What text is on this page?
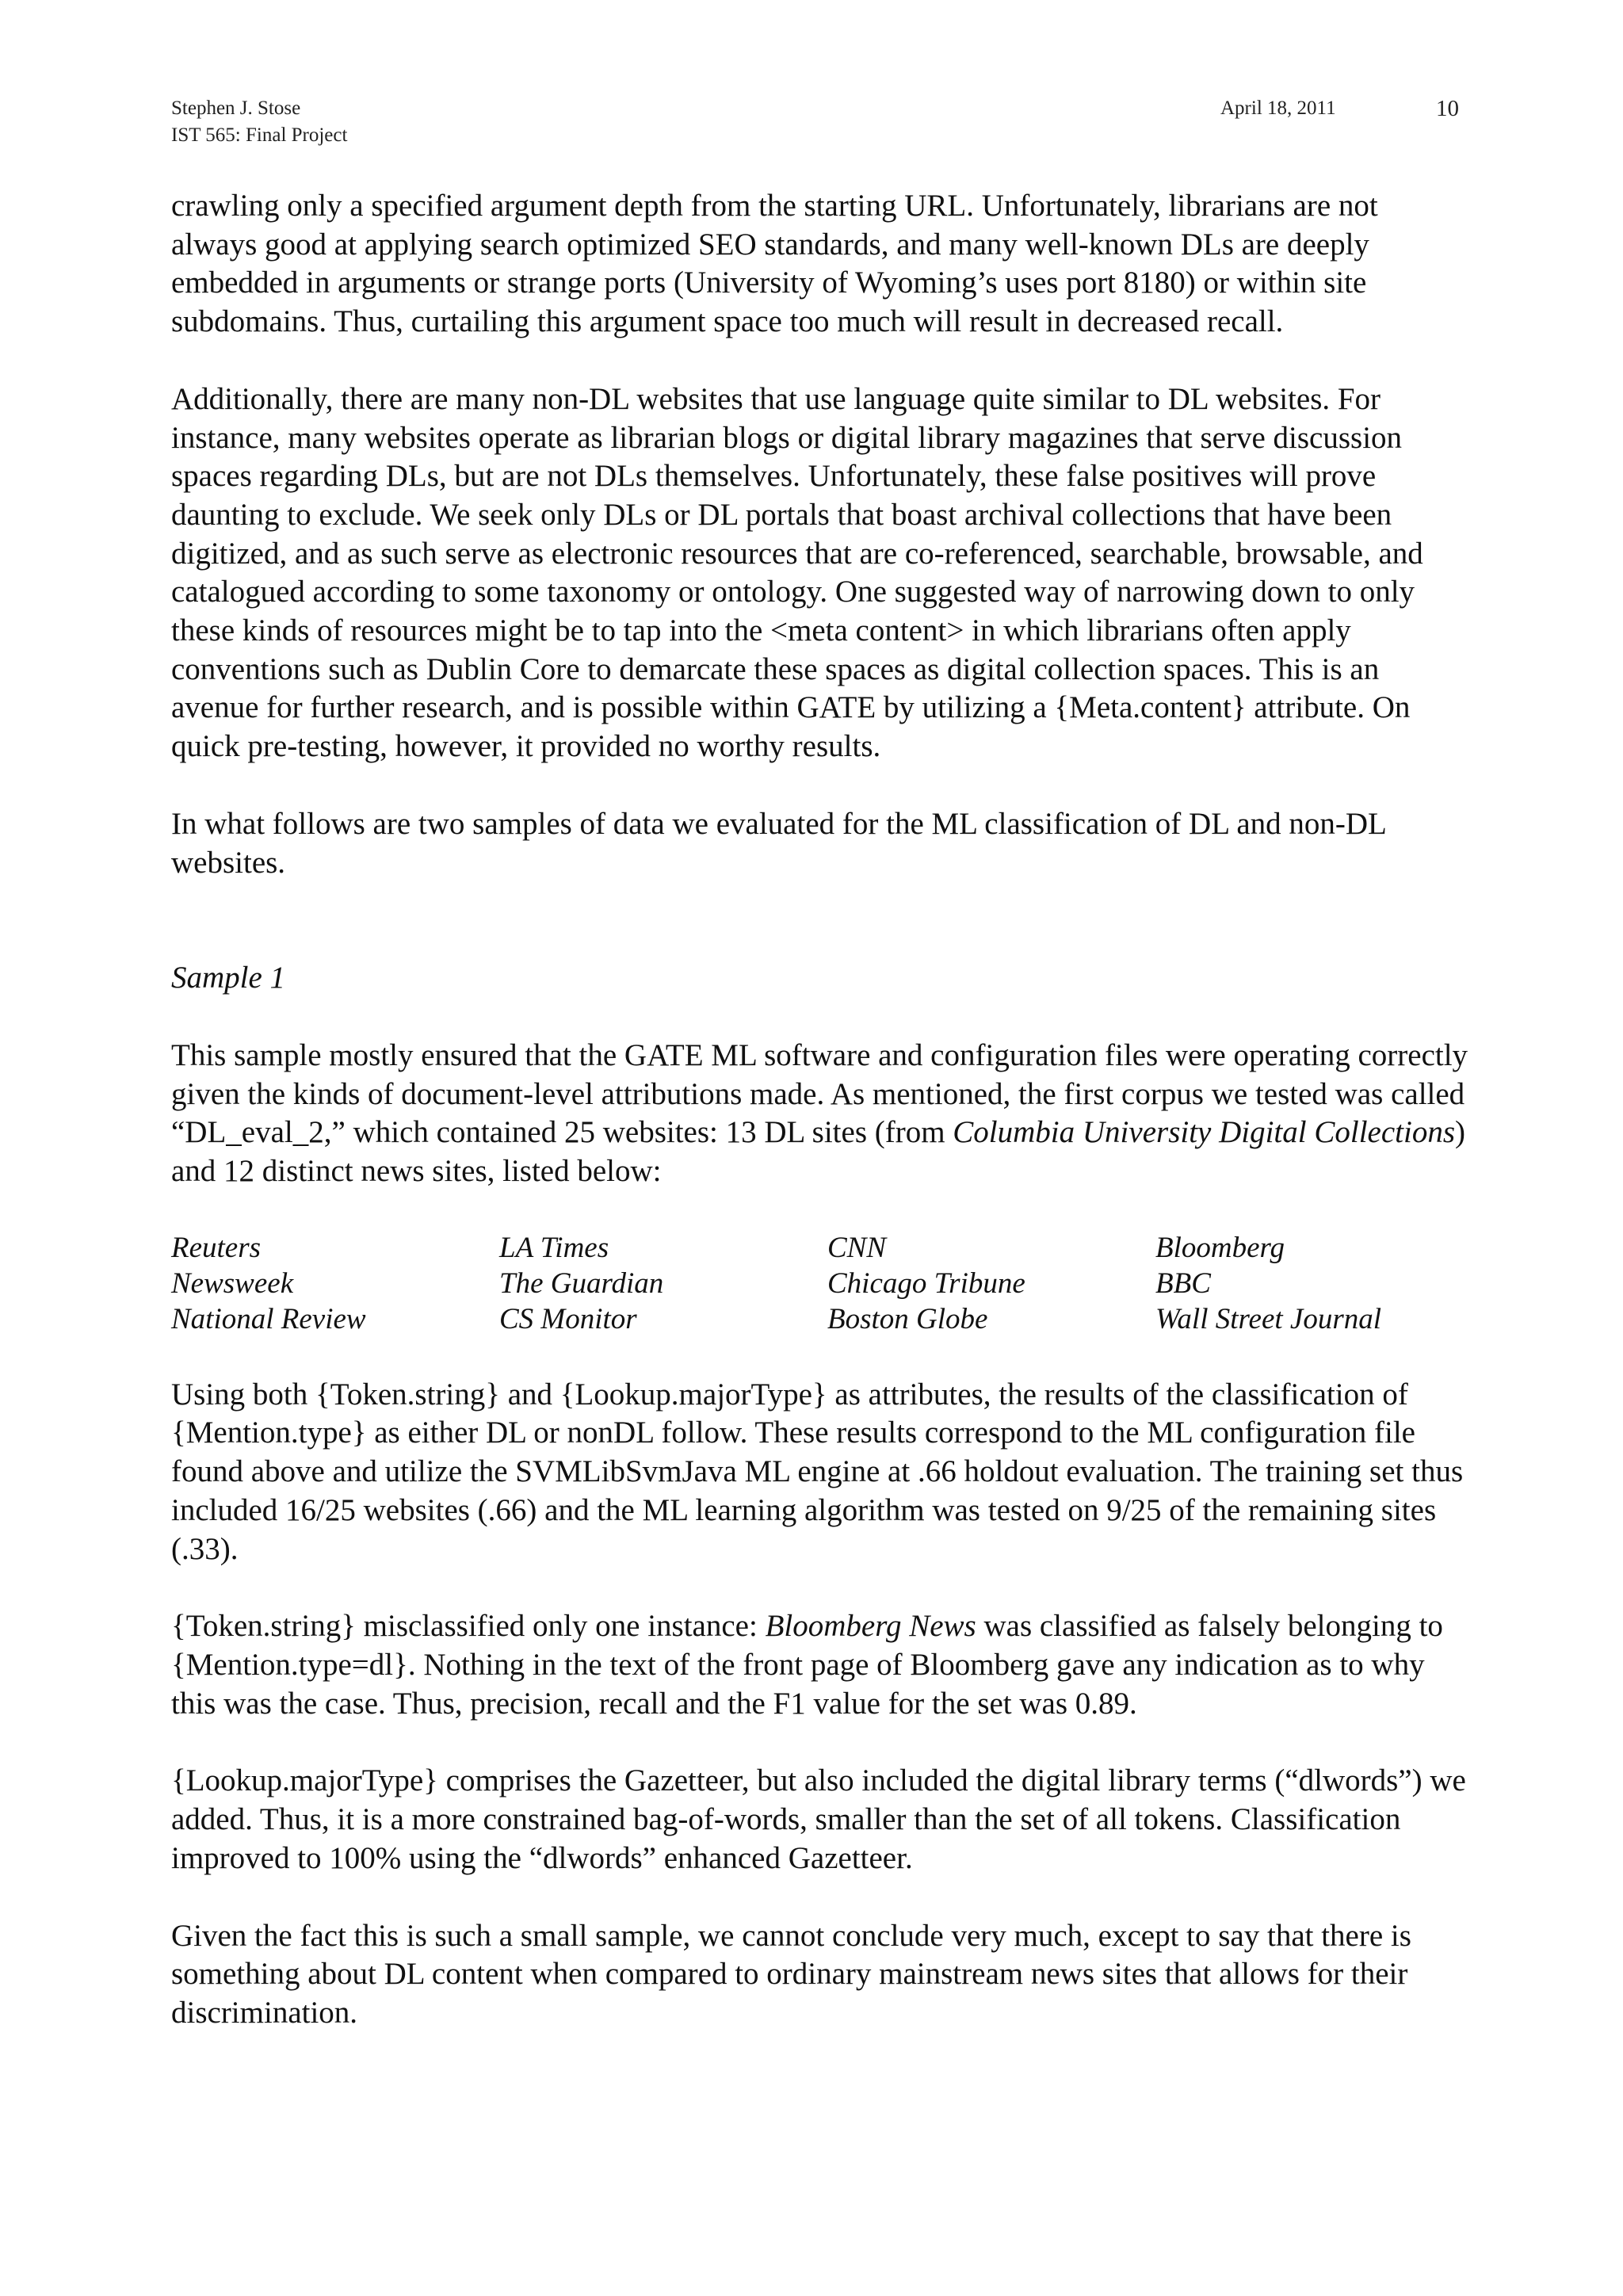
Stephen J. Stose
IST 565: Final Project
April 18, 2011	10

crawling only a specified argument depth from the starting URL. Unfortunately, librarians are not always good at applying search optimized SEO standards, and many well-known DLs are deeply embedded in arguments or strange ports (University of Wyoming’s uses port 8180) or within site subdomains. Thus, curtailing this argument space too much will result in decreased recall.

Additionally, there are many non-DL websites that use language quite similar to DL websites. For instance, many websites operate as librarian blogs or digital library magazines that serve discussion spaces regarding DLs, but are not DLs themselves. Unfortunately, these false positives will prove daunting to exclude. We seek only DLs or DL portals that boast archival collections that have been digitized, and as such serve as electronic resources that are co-referenced, searchable, browsable, and catalogued according to some taxonomy or ontology. One suggested way of narrowing down to only these kinds of resources might be to tap into the <meta content> in which librarians often apply conventions such as Dublin Core to demarcate these spaces as digital collection spaces. This is an avenue for further research, and is possible within GATE by utilizing a {Meta.content} attribute. On quick pre-testing, however, it provided no worthy results.

In what follows are two samples of data we evaluated for the ML classification of DL and non-DL websites.

Sample 1

This sample mostly ensured that the GATE ML software and configuration files were operating correctly given the kinds of document-level attributions made. As mentioned, the first corpus we tested was called “DL_eval_2,” which contained 25 websites: 13 DL sites (from Columbia University Digital Collections) and 12 distinct news sites, listed below:

Reuters	LA Times	CNN	Bloomberg
Newsweek	The Guardian	Chicago Tribune	BBC
National Review	CS Monitor	Boston Globe	Wall Street Journal

Using both {Token.string} and {Lookup.majorType} as attributes, the results of the classification of {Mention.type} as either DL or nonDL follow. These results correspond to the ML configuration file found above and utilize the SVMLibSvmJava ML engine at .66 holdout evaluation. The training set thus included 16/25 websites (.66) and the ML learning algorithm was tested on 9/25 of the remaining sites (.33).

{Token.string} misclassified only one instance: Bloomberg News was classified as falsely belonging to {Mention.type=dl}. Nothing in the text of the front page of Bloomberg gave any indication as to why this was the case. Thus, precision, recall and the F1 value for the set was 0.89.

{Lookup.majorType} comprises the Gazetteer, but also included the digital library terms (“dlwords”) we added. Thus, it is a more constrained bag-of-words, smaller than the set of all tokens. Classification improved to 100% using the “dlwords” enhanced Gazetteer.

Given the fact this is such a small sample, we cannot conclude very much, except to say that there is something about DL content when compared to ordinary mainstream news sites that allows for their discrimination.
